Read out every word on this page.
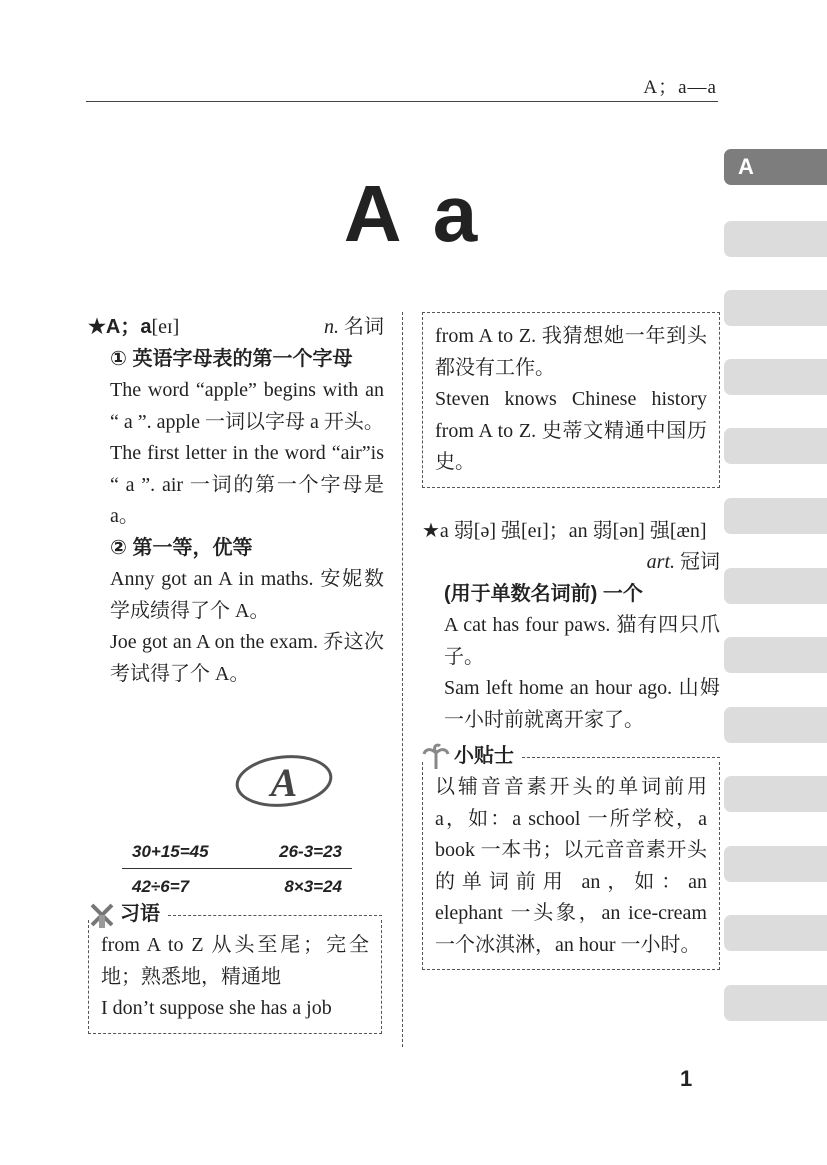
A；a—a
A
A a
★A；a[eɪ]	n. 名词
① 英语字母表的第一个字母
The word “apple” begins with an “ a ”. apple 一词以字母 a 开头。
The first letter in the word “air”is “ a ”. air 一词的第一个字母是 a。
② 第一等，优等
Anny got an A in maths. 安妮数学成绩得了个 A。
Joe got an A on the exam. 乔这次考试得了个 A。
A
30+15=45	26-3=23
42÷6=7	8×3=24
习语
from A to Z 从头至尾；完全地；熟悉地，精通地
I don’t suppose she has a job
from A to Z. 我猜想她一年到头都没有工作。
Steven knows Chinese history from A to Z. 史蒂文精通中国历史。
★a 弱[ə] 强[eɪ]；an 弱[ən] 强[æn]
art. 冠词
(用于单数名词前) 一个
A cat has four paws. 猫有四只爪子。
Sam left home an hour ago. 山姆一小时前就离开家了。
小贴士
以辅音音素开头的单词前用 a，如：a school 一所学校，a book 一本书；以元音音素开头的单词前用 an，如：an elephant 一头象，an ice-cream 一个冰淇淋，an hour 一小时。
1
